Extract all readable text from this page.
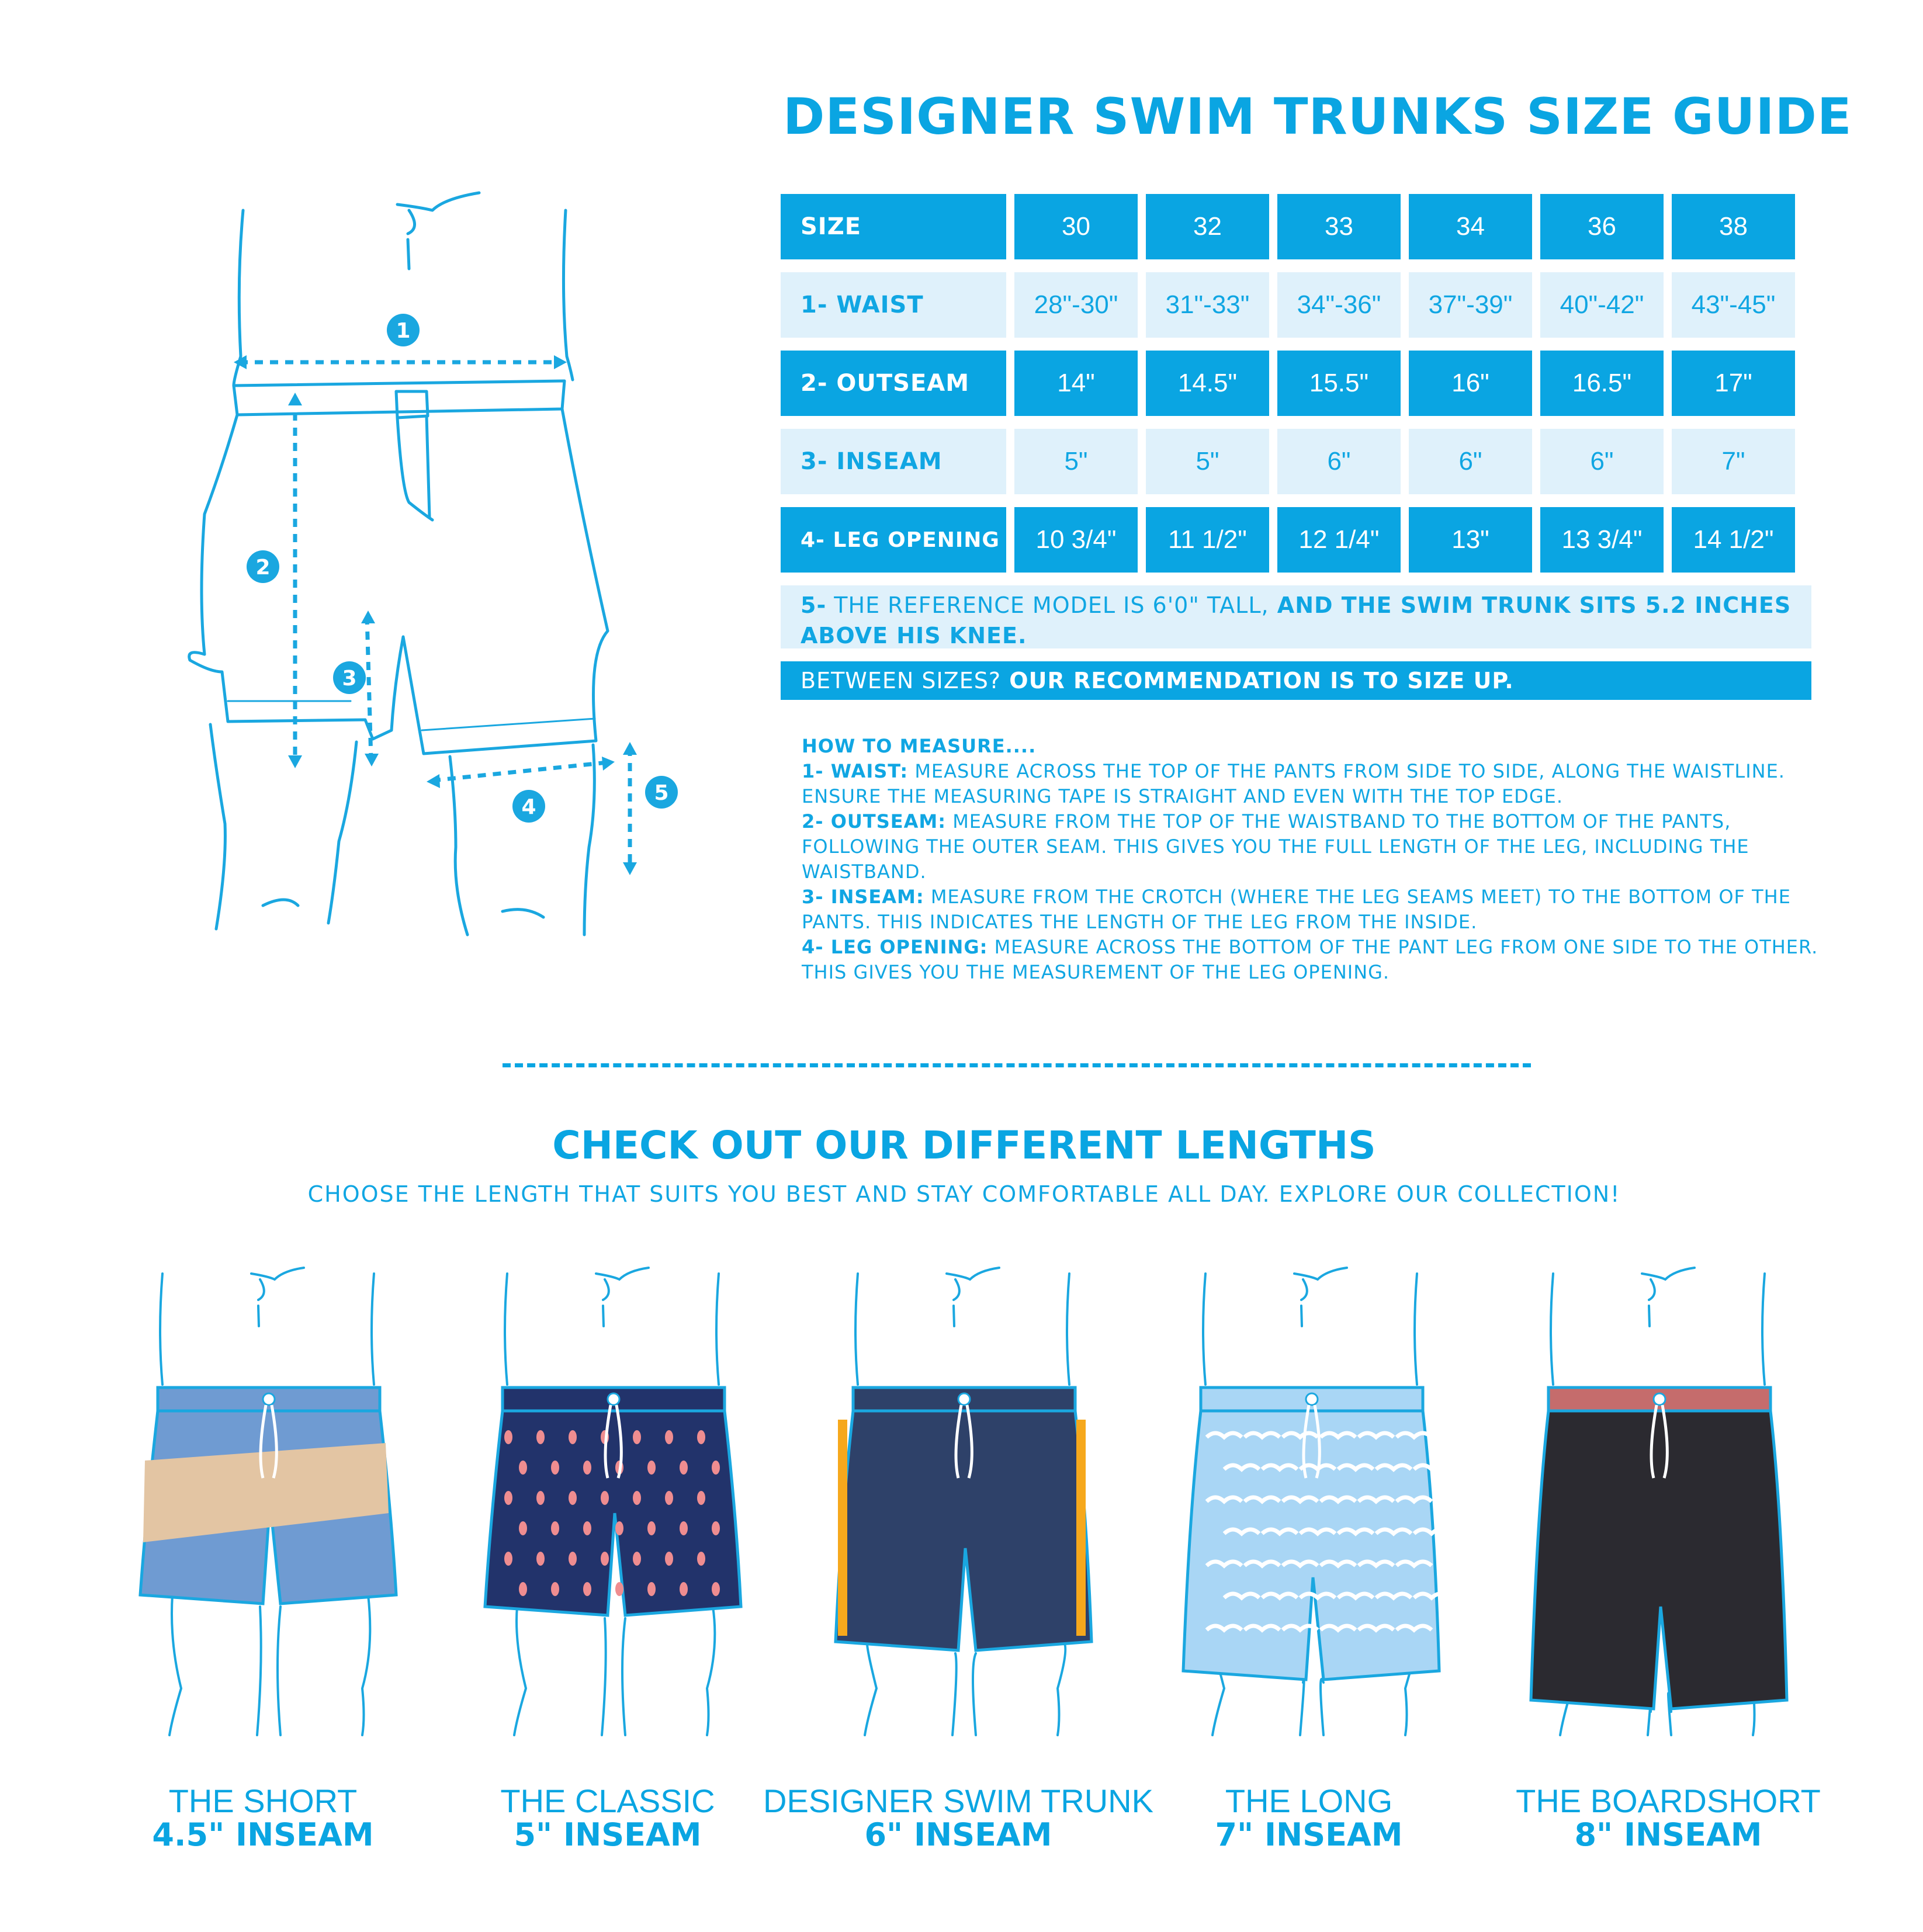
DESIGNER SWIM TRUNKS SIZE GUIDE
SIZE	30	32	33	34	36	38
1- WAIST	28"-30"	31"-33"	34"-36"	37"-39"	40"-42"	43"-45"
2- OUTSEAM	14"	14.5"	15.5"	16"	16.5"	17"
3- INSEAM	5"	5"	6"	6"	6"	7"
4- LEG OPENING	10 3/4"	11 1/2"	12 1/4"	13"	13 3/4"	14 1/2"
5- THE REFERENCE MODEL IS 6'0" TALL, AND THE SWIM TRUNK SITS 5.2 INCHES ABOVE HIS KNEE.
BETWEEN SIZES? OUR RECOMMENDATION IS TO SIZE UP.
HOW TO MEASURE....
1- WAIST: MEASURE ACROSS THE TOP OF THE PANTS FROM SIDE TO SIDE, ALONG THE WAISTLINE. ENSURE THE MEASURING TAPE IS STRAIGHT AND EVEN WITH THE TOP EDGE.
2- OUTSEAM: MEASURE FROM THE TOP OF THE WAISTBAND TO THE BOTTOM OF THE PANTS, FOLLOWING THE OUTER SEAM. THIS GIVES YOU THE FULL LENGTH OF THE LEG, INCLUDING THE WAISTBAND.
3- INSEAM: MEASURE FROM THE CROTCH (WHERE THE LEG SEAMS MEET) TO THE BOTTOM OF THE PANTS. THIS INDICATES THE LENGTH OF THE LEG FROM THE INSIDE.
4- LEG OPENING: MEASURE ACROSS THE BOTTOM OF THE PANT LEG FROM ONE SIDE TO THE OTHER. THIS GIVES YOU THE MEASUREMENT OF THE LEG OPENING.
1
2
3
4
5
CHECK OUT OUR DIFFERENT LENGTHS
CHOOSE THE LENGTH THAT SUITS YOU BEST AND STAY COMFORTABLE ALL DAY. EXPLORE OUR COLLECTION!
THE SHORT
4.5" INSEAM
THE CLASSIC
5" INSEAM
DESIGNER SWIM TRUNK
6" INSEAM
THE LONG
7" INSEAM
THE BOARDSHORT
8" INSEAM
